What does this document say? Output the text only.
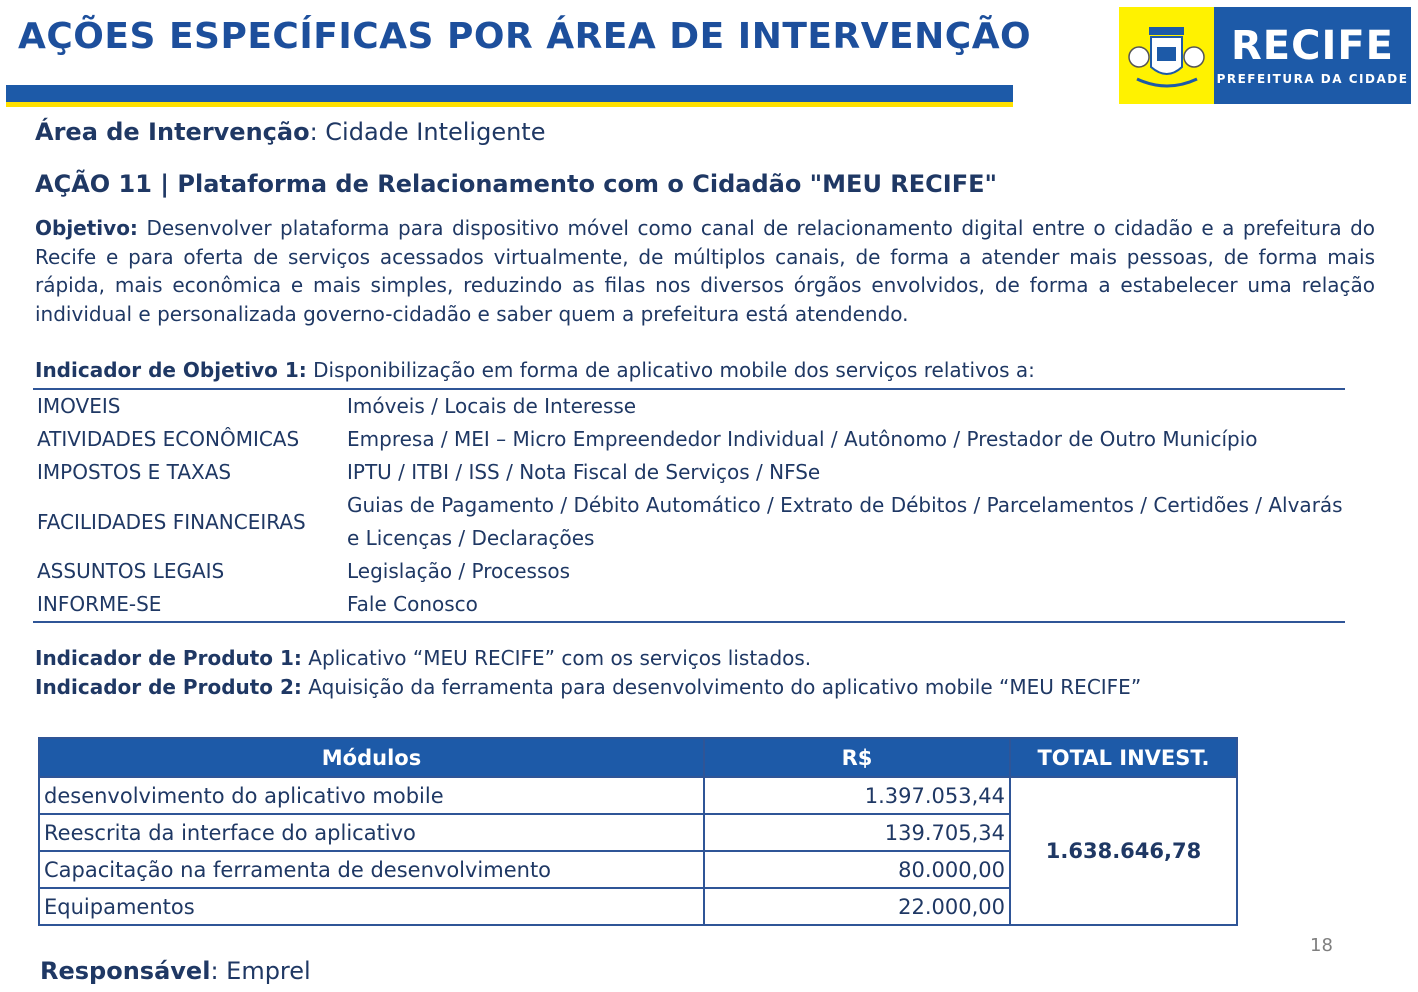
AÇÕES ESPECÍFICAS POR ÁREA DE INTERVENÇÃO	RECIFE
PREFEITURA DA CIDADE
Área de Intervenção: Cidade Inteligente
AÇÃO 11 | Plataforma de Relacionamento com o Cidadão "MEU RECIFE"
Objetivo: Desenvolver plataforma para dispositivo móvel como canal de relacionamento digital entre o cidadão e a prefeitura do Recife e para oferta de serviços acessados virtualmente, de múltiplos canais, de forma a atender mais pessoas, de forma mais rápida, mais econômica e mais simples, reduzindo as filas nos diversos órgãos envolvidos, de forma a estabelecer uma relação individual e personalizada governo-cidadão e saber quem a prefeitura está atendendo.
Indicador de Objetivo 1: Disponibilização em forma de aplicativo mobile dos serviços relativos a:
IMOVEIS	Imóveis / Locais de Interesse
ATIVIDADES ECONÔMICAS	Empresa / MEI – Micro Empreendedor Individual / Autônomo / Prestador de Outro Município
IMPOSTOS E TAXAS	IPTU / ITBI / ISS / Nota Fiscal de Serviços / NFSe
FACILIDADES FINANCEIRAS	Guias de Pagamento / Débito Automático / Extrato de Débitos / Parcelamentos / Certidões / Alvarás e Licenças / Declarações
ASSUNTOS LEGAIS	Legislação / Processos
INFORME-SE	Fale Conosco
Indicador de Produto 1: Aplicativo “MEU RECIFE” com os serviços listados.
Indicador de Produto 2: Aquisição da ferramenta para desenvolvimento do aplicativo mobile “MEU RECIFE”
Módulos	R$	TOTAL INVEST.
desenvolvimento do aplicativo mobile	1.397.053,44	1.638.646,78
Reescrita da interface do aplicativo	139.705,34	
Capacitação na ferramenta de desenvolvimento	80.000,00	
Equipamentos	22.000,00	
18
Responsável: Emprel
